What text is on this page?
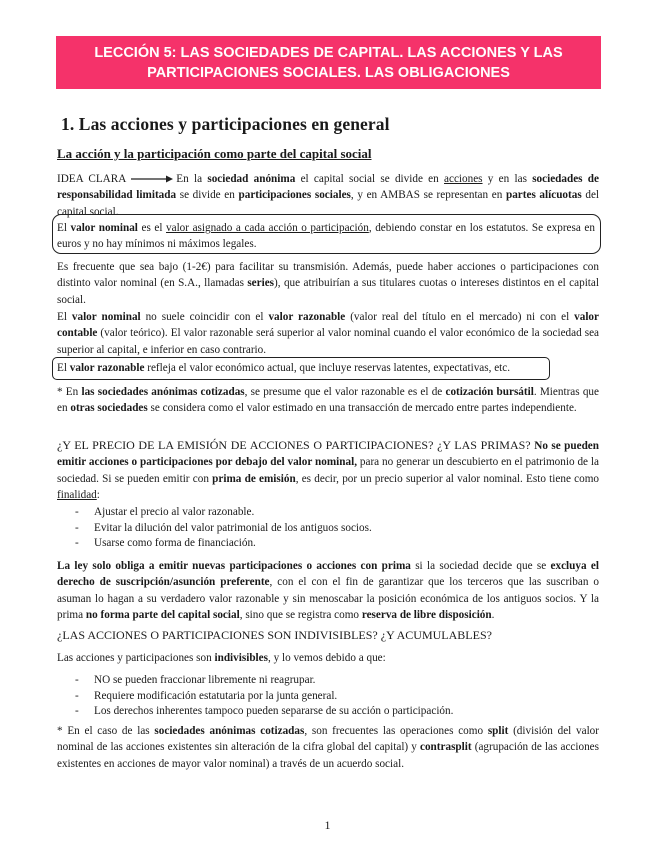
LECCIÓN 5: LAS SOCIEDADES DE CAPITAL. LAS ACCIONES Y LAS PARTICIPACIONES SOCIALES. LAS OBLIGACIONES
1. Las acciones y participaciones en general
La acción y la participación como parte del capital social

IDEA CLARA	En la sociedad anónima el capital social se divide en acciones y en las sociedades de responsabilidad limitada se divide en participaciones sociales, y en AMBAS se representan en partes alícuotas del capital social.

El valor nominal es el valor asignado a cada acción o participación, debiendo constar en los estatutos. Se expresa en euros y no hay mínimos ni máximos legales.

Es frecuente que sea bajo (1-2€) para facilitar su transmisión. Además, puede haber acciones o participaciones con distinto valor nominal (en S.A., llamadas series), que atribuirían a sus titulares cuotas o intereses distintos en el capital social.

El valor nominal no suele coincidir con el valor razonable (valor real del título en el mercado) ni con el valor contable (valor teórico). El valor razonable será superior al valor nominal cuando el valor económico de la sociedad sea superior al capital, e inferior en caso contrario.

El valor razonable refleja el valor económico actual, que incluye reservas latentes, expectativas, etc.

* En las sociedades anónimas cotizadas, se presume que el valor razonable es el de cotización bursátil. Mientras que en otras sociedades se considera como el valor estimado en una transacción de mercado entre partes independiente.

¿Y EL PRECIO DE LA EMISIÓN DE ACCIONES O PARTICIPACIONES? ¿Y LAS PRIMAS? No se pueden emitir acciones o participaciones por debajo del valor nominal, para no generar un descubierto en el patrimonio de la sociedad. Si se pueden emitir con prima de emisión, es decir, por un precio superior al valor nominal. Esto tiene como finalidad:

- Ajustar el precio al valor razonable.
- Evitar la dilución del valor patrimonial de los antiguos socios.
- Usarse como forma de financiación.

La ley solo obliga a emitir nuevas participaciones o acciones con prima si la sociedad decide que se excluya el derecho de suscripción/asunción preferente, con el con el fin de garantizar que los terceros que las suscriban o asuman lo hagan a su verdadero valor razonable y sin menoscabar la posición económica de los antiguos socios. Y la prima no forma parte del capital social, sino que se registra como reserva de libre disposición.

¿LAS ACCIONES O PARTICIPACIONES SON INDIVISIBLES? ¿Y ACUMULABLES?

Las acciones y participaciones son indivisibles, y lo vemos debido a que:

- NO se pueden fraccionar libremente ni reagrupar.
- Requiere modificación estatutaria por la junta general.
- Los derechos inherentes tampoco pueden separarse de su acción o participación.

* En el caso de las sociedades anónimas cotizadas, son frecuentes las operaciones como split (división del valor nominal de las acciones existentes sin alteración de la cifra global del capital) y contrasplit (agrupación de las acciones existentes en acciones de mayor valor nominal) a través de un acuerdo social.

1
